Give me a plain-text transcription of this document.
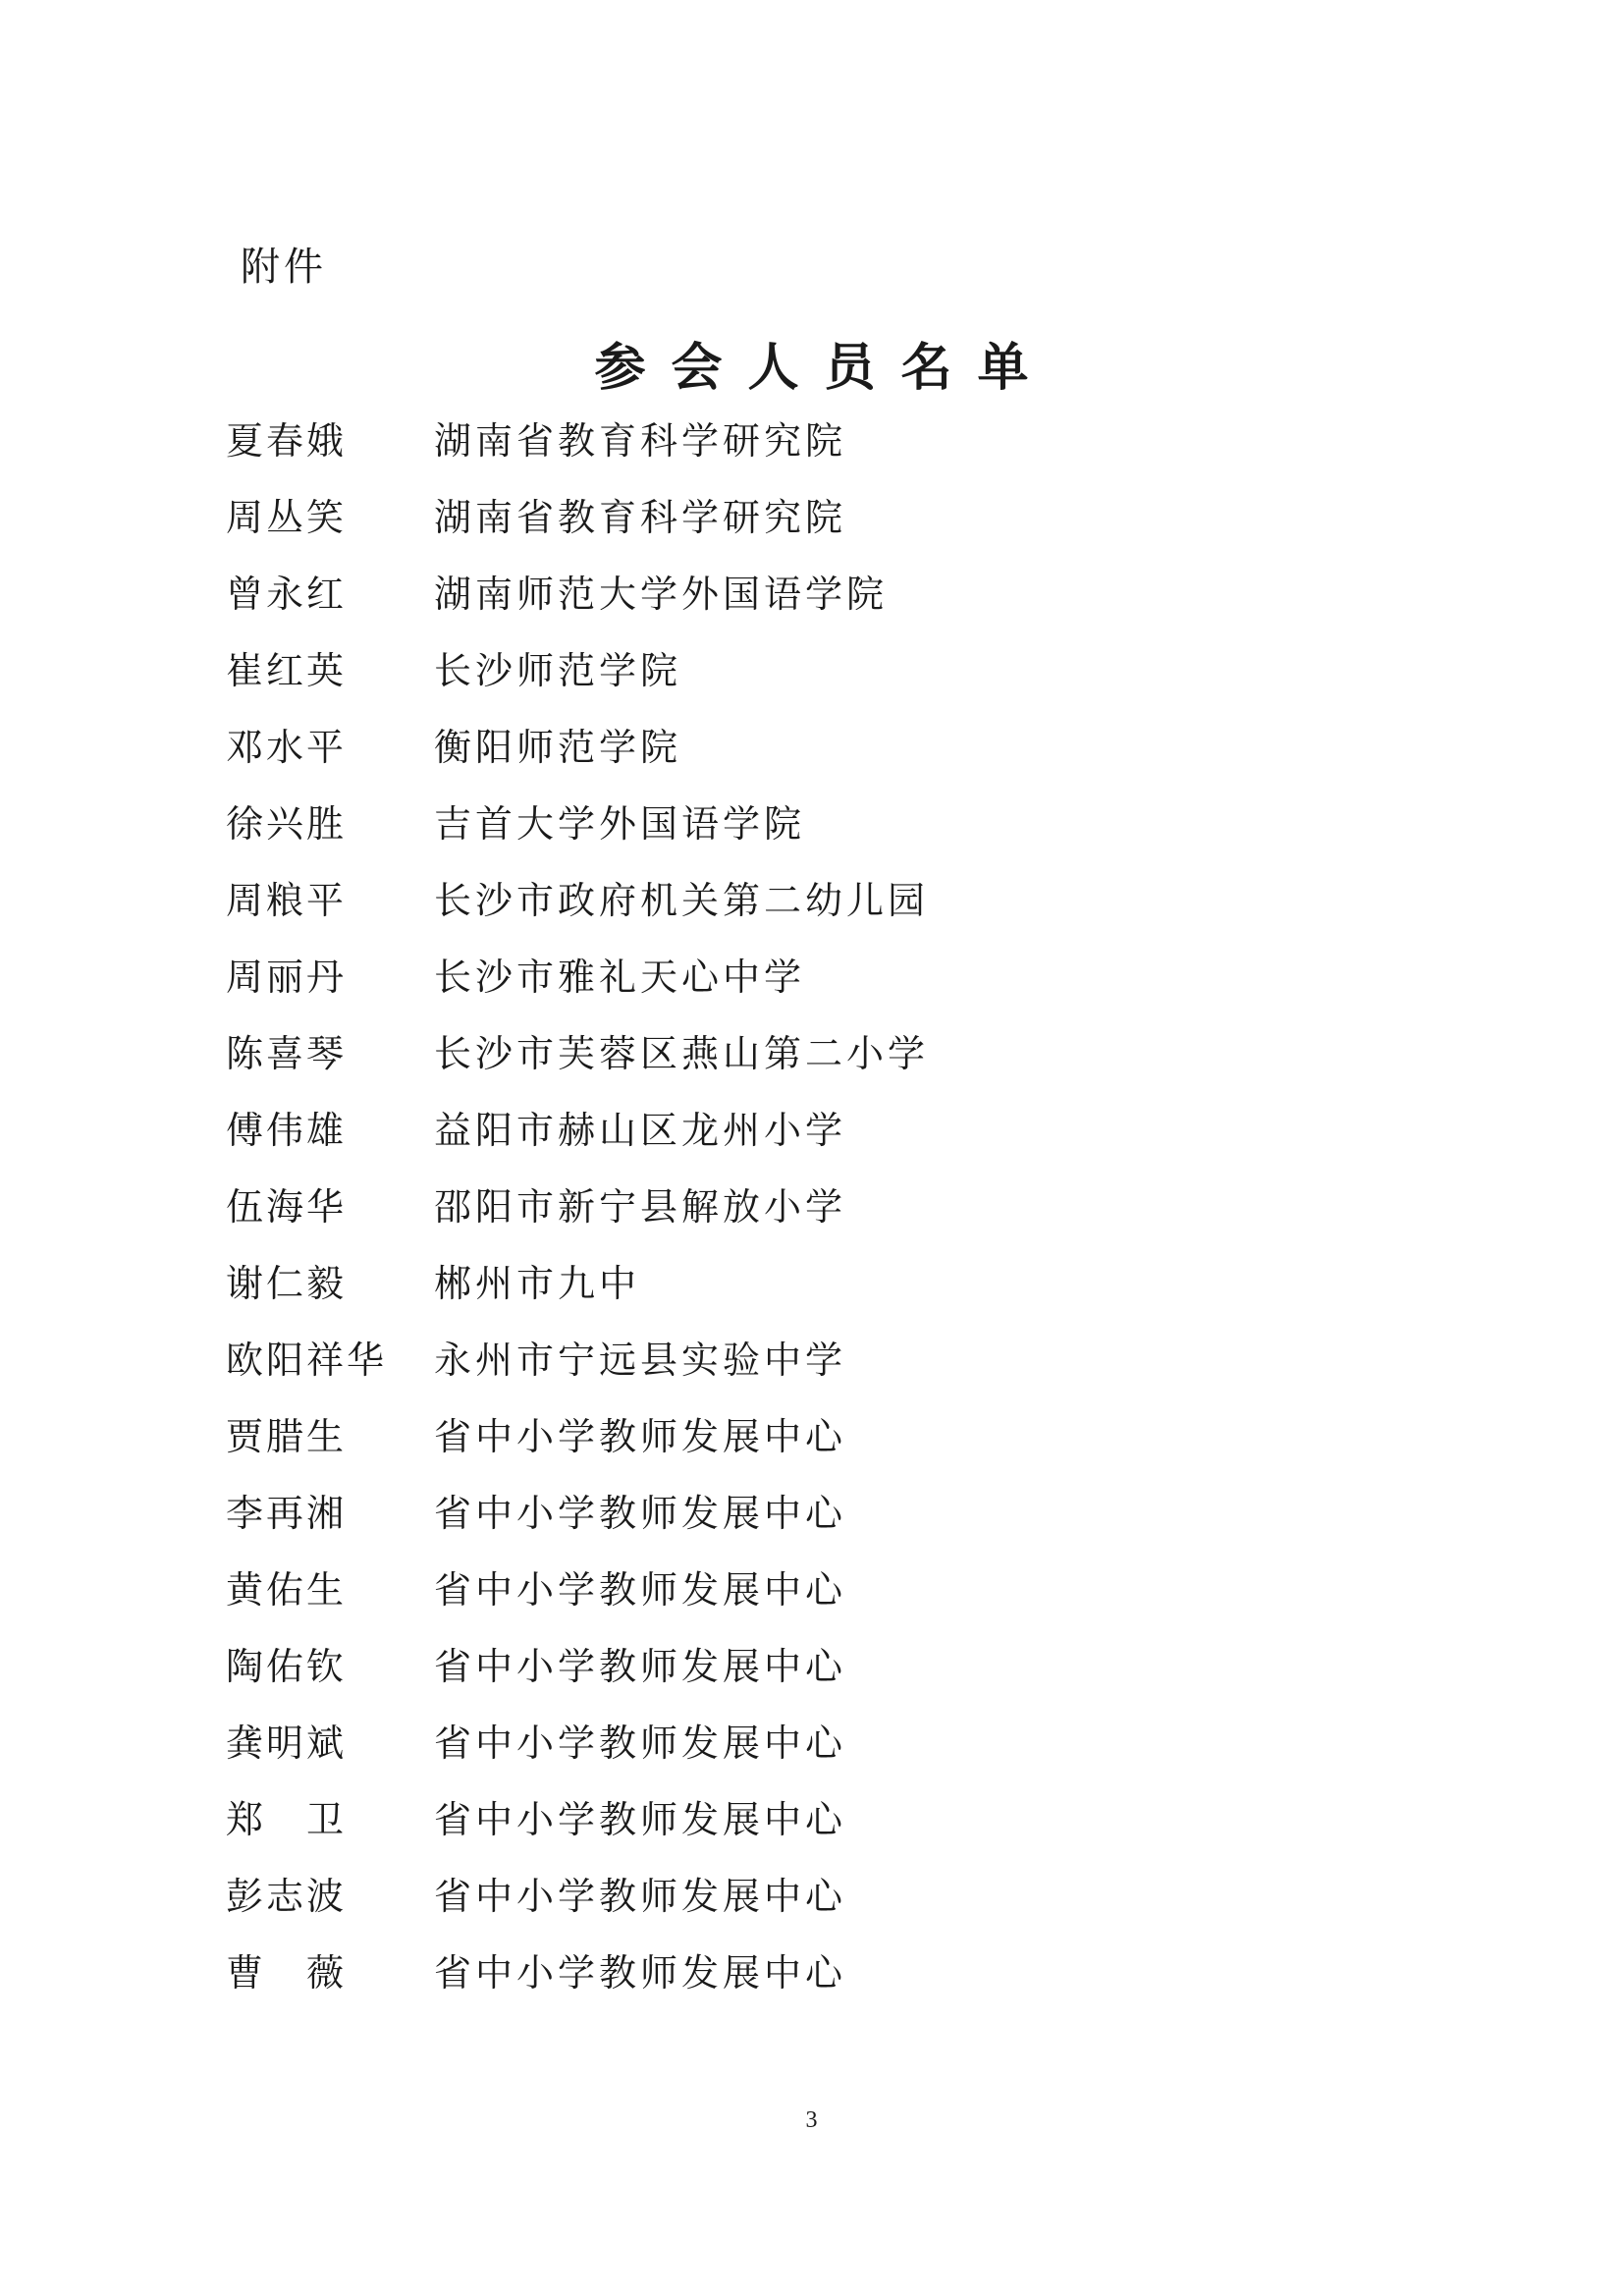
附件
参会人员名单
夏春娥 湖南省教育科学研究院
周丛笑 湖南省教育科学研究院
曾永红 湖南师范大学外国语学院
崔红英 长沙师范学院
邓水平 衡阳师范学院
徐兴胜 吉首大学外国语学院
周粮平 长沙市政府机关第二幼儿园
周丽丹 长沙市雅礼天心中学
陈喜琴 长沙市芙蓉区燕山第二小学
傅伟雄 益阳市赫山区龙州小学
伍海华 邵阳市新宁县解放小学
谢仁毅 郴州市九中
欧阳祥华 永州市宁远县实验中学
贾腊生 省中小学教师发展中心
李再湘 省中小学教师发展中心
黄佑生 省中小学教师发展中心
陶佑钦 省中小学教师发展中心
龚明斌 省中小学教师发展中心
郑　卫 省中小学教师发展中心
彭志波 省中小学教师发展中心
曹　薇 省中小学教师发展中心
3
